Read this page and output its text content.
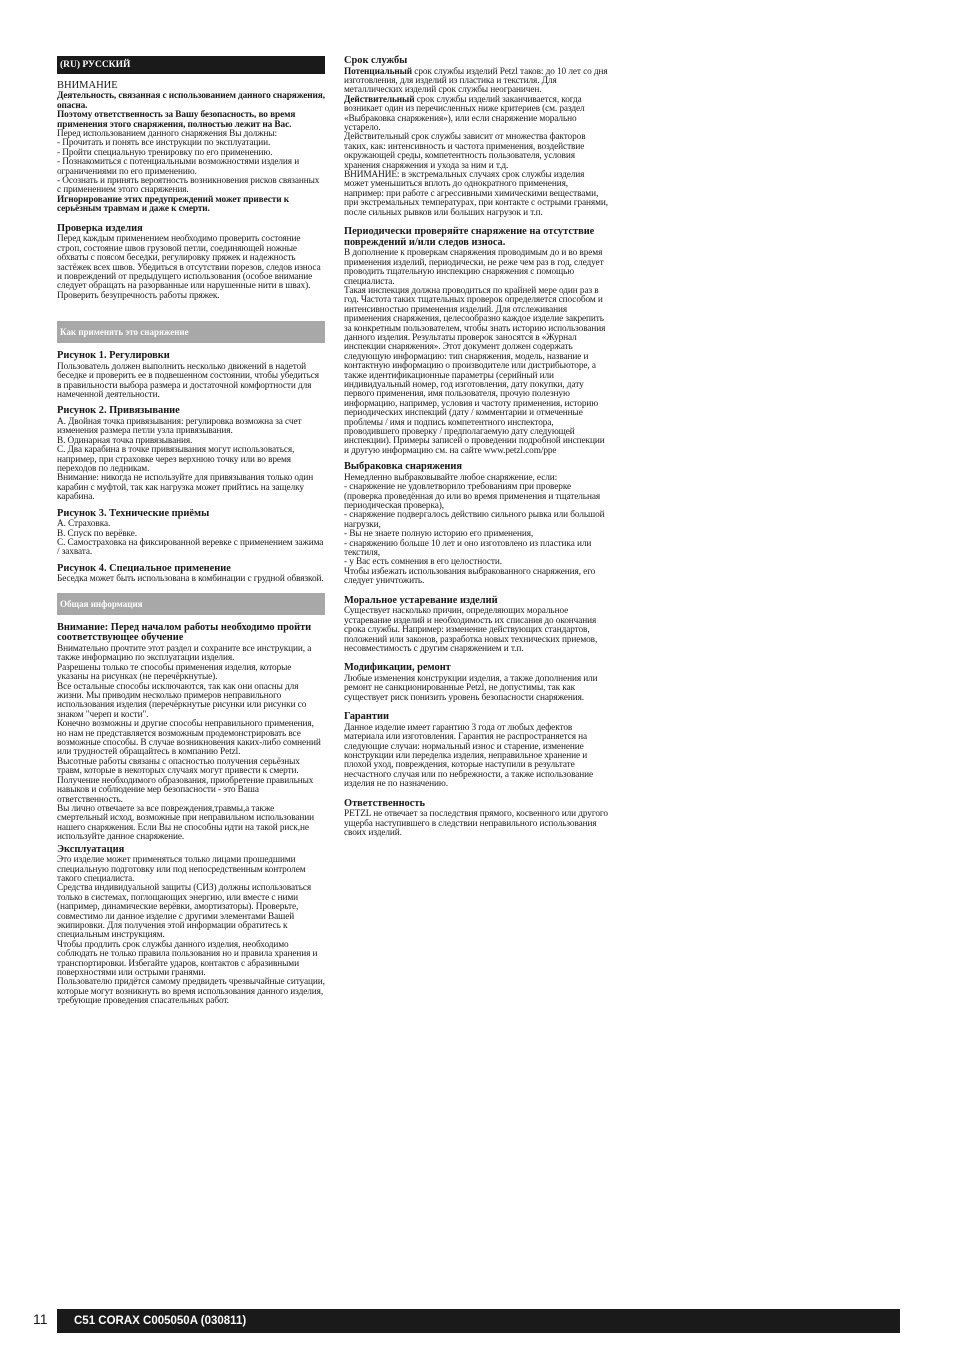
(RU) РУССКИЙ
ВНИМАНИЕ

Деятельность, связанная с использованием данного снаряжения, опасна.
Поэтому ответственность за Вашу безопасность, во время применения этого снаряжения, полностью лежит на Вас.

Перед использованием данного снаряжения Вы должны:
- Прочитать и понять все инструкции по эксплуатации.
- Пройти специальную тренировку по его применению.
- Познакомиться с потенциальными возможностями изделия и ограничениями по его применению.
- Осознать и принять вероятность возникновения рисков связанных с применением этого снаряжения.

Игнорирование этих предупреждений может привести к серьёзным травмам и даже к смерти.

Проверка изделия

Перед каждым применением необходимо проверить состояние строп, состояние швов грузовой петли, соединяющей ножные обхваты с поясом беседки, регулировку пряжек и надежность застёжек всех швов. Убедиться в отсутствии порезов, следов износа и повреждений от предыдущего использования (особое внимание следует обращать на разорванные или нарушенные нити в швах).
Проверить безупречность работы пряжек.

Как применять это снаряжение
Рисунок 1. Регулировки

Пользователь должен выполнить несколько движений в надетой беседке и проверить ее в подвешенном состоянии, чтобы убедиться в правильности выбора размера и достаточной комфортности для намеченной деятельности.

Рисунок 2. Привязывание

A. Двойная точка привязывания: регулировка возможна за счет изменения размера петли узла привязывания.
B. Одинарная точка привязывания.
C. Два карабина в точке привязывания могут использоваться, например, при страховке через верхнюю точку или во время переходов по ледникам.
Внимание: никогда не используйте для привязывания только один карабин с муфтой, так как нагрузка может прийтись на защелку карабина.

Рисунок 3. Технические приёмы

A. Страховка.
B. Спуск по верёвке.
C. Самостраховка на фиксированной веревке с применением зажима / захвата.

Рисунок 4. Специальное применение

Беседка может быть использована в комбинации с грудной обвязкой.

Общая информация
Внимание: Перед началом работы необходимо пройти соответствующее обучение

Внимательно прочтите этот раздел и сохраните все инструкции, а также информацию по эксплуатации изделия.
Разрешены только те способы применения изделия, которые указаны на рисунках (не перечёркнутые).
Все остальные способы исключаются, так как они опасны для жизни. Мы приводим несколько примеров неправильного использования изделия (перечёркнутые рисунки или рисунки со знаком "череп и кости".
Конечно возможны и другие способы неправильного применения, но нам не представляется возможным продемонстрировать все возможные способы. В случае возникновения каких-либо сомнений или трудностей обращайтесь в компанию Petzl.
Высотные работы связаны с опасностью получения серьёзных травм, которые в некоторых случаях могут привести к смерти. Получение необходимого образования, приобретение правильных навыков и соблюдение мер безопасности - это Ваша ответственность.
Вы лично отвечаете за все повреждения,травмы,а также смертельный исход, возможные при неправильном использовании нашего снаряжения. Если Вы не способны идти на такой риск,не используйте данное снаряжение.

Эксплуатация

Это изделие может применяться только лицами прошедшими специальную подготовку или под непосредственным контролем такого специалиста.
Средства индивидуальной защиты (СИЗ) должны использоваться только в системах, поглощающих энергию, или вместе с ними (например, динамические верёвки, амортизаторы). Проверьте, совместимо ли данное изделие с другими элементами Вашей экипировки. Для получения этой информации обратитесь к специальным инструкциям.
Чтобы продлить срок службы данного изделия, необходимо соблюдать не только правила пользования но и правила хранения и транспортировки. Избегайте ударов, контактов с абразивными поверхностями или острыми гранями.
Пользователю придётся самому предвидеть чрезвычайные ситуации, которые могут возникнуть во время использования данного изделия, требующие проведения спасательных работ.

Срок службы

Потенциальный срок службы изделий Petzl таков: до 10 лет со дня изготовления, для изделий из пластика и текстиля. Для металлических изделий срок службы неограничен.

Действительный срок службы изделий заканчивается, когда возникает один из перечисленных ниже критериев (см. раздел «Выбраковка снаряжения»), или если снаряжение морально устарело.
Действительный срок службы зависит от множества факторов таких, как: интенсивность и частота применения, воздействие окружающей среды, компетентность пользователя, условия хранения снаряжения и ухода за ним и т.д.
ВНИМАНИЕ: в экстремальных случаях срок службы изделия может уменьшиться вплоть до однократного применения, например: при работе с агрессивными химическими веществами, при экстремальных температурах, при контакте с острыми гранями, после сильных рывков или больших нагрузок и т.п.

Периодически проверяйте снаряжение на отсутствие повреждений и/или следов износа.

В дополнение к проверкам снаряжения проводимым до и во время применения изделий, периодически, не реже чем раз в год, следует проводить тщательную инспекцию снаряжения с помощью специалиста.
Такая инспекция должна проводиться по крайней мере один раз в год. Частота таких тщательных проверок определяется способом и интенсивностью применения изделий. Для отслеживания применения снаряжения, целесообразно каждое изделие закрепить за конкретным пользователем, чтобы знать историю использования данного изделия. Результаты проверок заносятся в «Журнал инспекции снаряжения». Этот документ должен содержать следующую информацию: тип снаряжения, модель, название и контактную информацию о производителе или дистрибьюторе, а также идентификационные параметры (серийный или индивидуальный номер, год изготовления, дату покупки, дату первого применения, имя пользователя, прочую полезную информацию, например, условия и частоту применения, историю периодических инспекций (дату / комментарии и отмеченные проблемы / имя и подпись компетентного инспектора, проводившего проверку / предполагаемую дату следующей инспекции). Примеры записей о проведении подробной инспекции и другую информацию см. на сайте www.petzl.com/ppe

Выбраковка снаряжения

Немедленно выбраковывайте любое снаряжение, если:
- снаряжение не удовлетворило требованиям при проверке (проверка проведённая до или во время применения и тщательная периодическая проверка),
- снаряжение подвергалось действию сильного рывка или большой нагрузки,
- Вы не знаете полную историю его применения,
- снаряжению больше 10 лет и оно изготовлено из пластика или текстиля,
- у Вас есть сомнения в его целостности.
Чтобы избежать использования выбракованного снаряжения, его следует уничтожить.

Моральное устаревание изделий

Существует насколько причин, определяющих моральное устаревание изделий и необходимость их списания до окончания срока службы. Например: изменение действующих стандартов, положений или законов, разработка новых технических приемов, несовместимость с другим снаряжением и т.п.

Модификации, ремонт

Любые изменения конструкции изделия, а также дополнения или ремонт не санкционированные Petzl, не допустимы, так как существует риск понизить уровень безопасности снаряжения.

Гарантии

Данное изделие имеет гарантию 3 года от любых дефектов материала или изготовления. Гарантия не распространяется на следующие случаи: нормальный износ и старение, изменение конструкции или переделка изделия, неправильное хранение и плохой уход, повреждения, которые наступили в результате несчастного случая или по небрежности, а также использование изделия не по назначению.

Ответственность

PETZL не отвечает за последствия прямого, косвенного или другого ущерба наступившего в следствии неправильного использования своих изделий.

11	C51 CORAX C005050A (030811)
